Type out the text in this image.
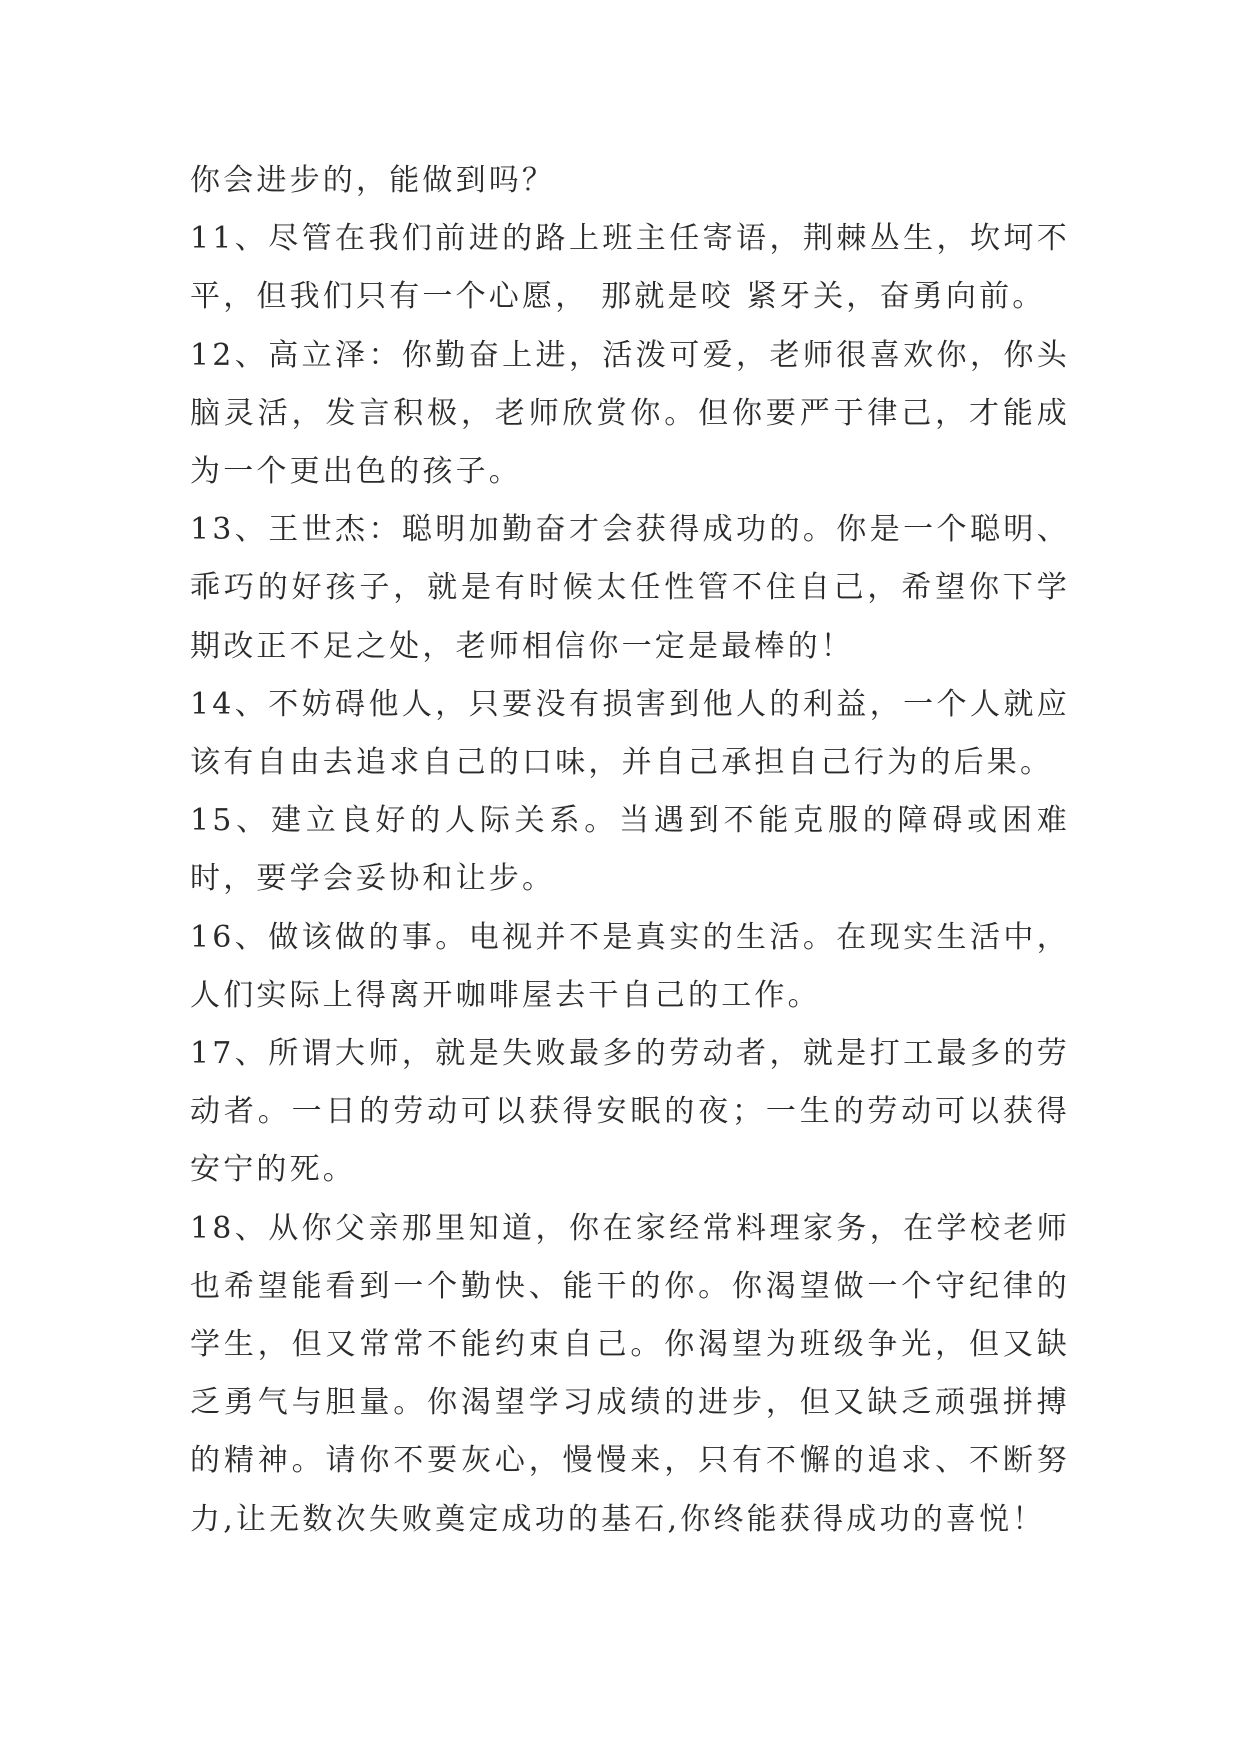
你会进步的，能做到吗？

11、尽管在我们前进的路上班主任寄语，荆棘丛生，坎坷不平，但我们只有一个心愿， 那就是咬 紧牙关，奋勇向前。

12、高立泽：你勤奋上进，活泼可爱，老师很喜欢你，你头脑灵活，发言积极，老师欣赏你。但你要严于律己，才能成为一个更出色的孩子。

13、王世杰：聪明加勤奋才会获得成功的。你是一个聪明、乖巧的好孩子，就是有时候太任性管不住自己，希望你下学期改正不足之处，老师相信你一定是最棒的！

14、不妨碍他人，只要没有损害到他人的利益，一个人就应该有自由去追求自己的口味，并自己承担自己行为的后果。

15、建立良好的人际关系。当遇到不能克服的障碍或困难时，要学会妥协和让步。

16、做该做的事。电视并不是真实的生活。在现实生活中，人们实际上得离开咖啡屋去干自己的工作。

17、所谓大师，就是失败最多的劳动者，就是打工最多的劳动者。一日的劳动可以获得安眠的夜；一生的劳动可以获得安宁的死。

18、从你父亲那里知道，你在家经常料理家务，在学校老师也希望能看到一个勤快、能干的你。你渴望做一个守纪律的学生，但又常常不能约束自己。你渴望为班级争光，但又缺乏勇气与胆量。你渴望学习成绩的进步，但又缺乏顽强拼搏的精神。请你不要灰心，慢慢来，只有不懈的追求、不断努力,让无数次失败奠定成功的基石,你终能获得成功的喜悦！
